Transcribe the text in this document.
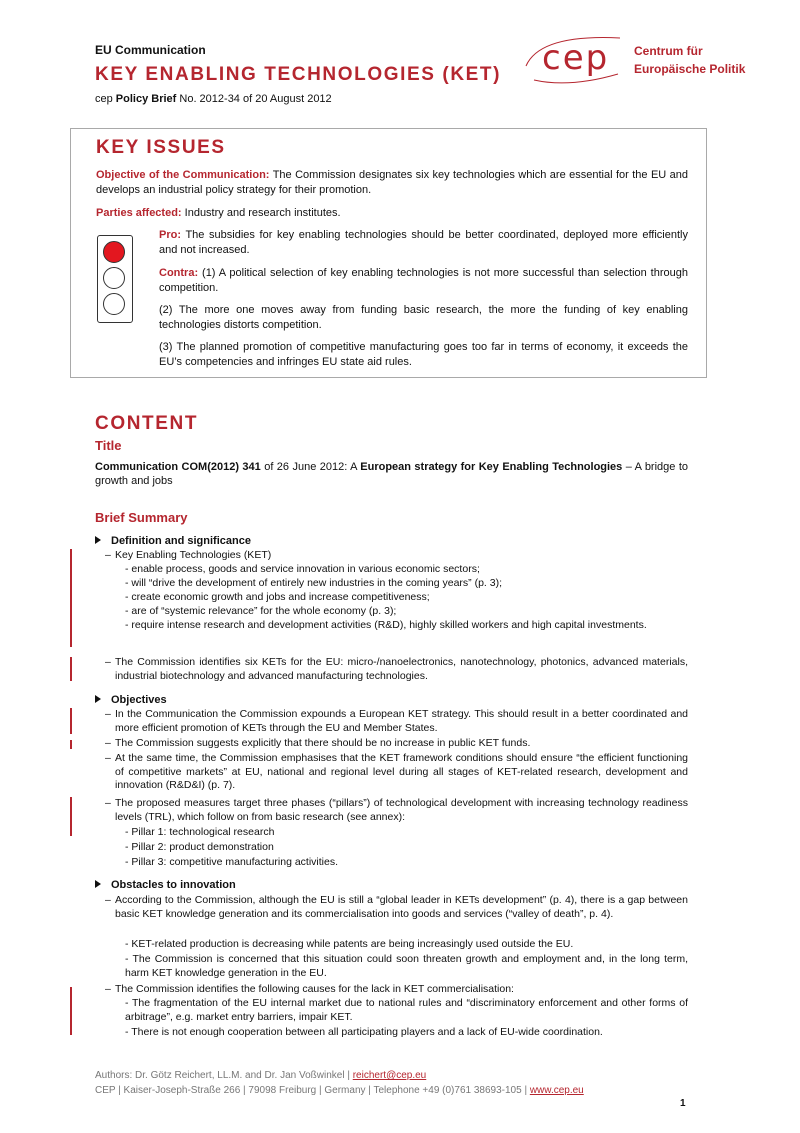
EU Communication
KEY ENABLING TECHNOLOGIES (KET)
cep Policy Brief No. 2012-34 of 20 August 2012
cep Centrum für
Europäische Politik
KEY ISSUES

Objective of the Communication: The Commission designates six key technologies which are essential for the EU and develops an industrial policy strategy for their promotion.

Parties affected: Industry and research institutes.

Pro: The subsidies for key enabling technologies should be better coordinated, deployed more efficiently and not increased.

Contra: (1) A political selection of key enabling technologies is not more successful than selection through competition.

(2) The more one moves away from funding basic research, the more the funding of key enabling technologies distorts competition.

(3) The planned promotion of competitive manufacturing goes too far in terms of economy, it exceeds the EU’s competencies and infringes EU state aid rules.

CONTENT
Title
Communication COM(2012) 341 of 26 June 2012: A European strategy for Key Enabling Technologies – A bridge to growth and jobs
Brief Summary
Definition and significance
– Key Enabling Technologies (KET)
- enable process, goods and service innovation in various economic sectors;
- will “drive the development of entirely new industries in the coming years” (p. 3);
- create economic growth and jobs and increase competitiveness;
- are of “systemic relevance” for the whole economy (p. 3);
- require intense research and development activities (R&D), highly skilled workers and high capital investments.
– The Commission identifies six KETs for the EU: micro-/nanoelectronics, nanotechnology, photonics, advanced materials, industrial biotechnology and advanced manufacturing technologies.
Objectives
– In the Communication the Commission expounds a European KET strategy. This should result in a better coordinated and more efficient promotion of KETs through the EU and Member States.
– The Commission suggests explicitly that there should be no increase in public KET funds.
– At the same time, the Commission emphasises that the KET framework conditions should ensure “the efficient functioning of competitive markets” at EU, national and regional level during all stages of KET-related research, development and innovation (R&D&I) (p. 7).
– The proposed measures target three phases (“pillars”) of technological development with increasing technology readiness levels (TRL), which follow on from basic research (see annex):
- Pillar 1: technological research
- Pillar 2: product demonstration
- Pillar 3: competitive manufacturing activities.
Obstacles to innovation
– According to the Commission, although the EU is still a “global leader in KETs development” (p. 4), there is a gap between basic KET knowledge generation and its commercialisation into goods and services (“valley of death”, p. 4).
- KET-related production is decreasing while patents are being increasingly used outside the EU.
- The Commission is concerned that this situation could soon threaten growth and employment and, in the long term, harm KET knowledge generation in the EU.
– The Commission identifies the following causes for the lack in KET commercialisation:
- The fragmentation of the EU internal market due to national rules and “discriminatory enforcement and other forms of arbitrage”, e.g. market entry barriers, impair KET.
- There is not enough cooperation between all participating players and a lack of EU-wide coordination.
Authors: Dr. Götz Reichert, LL.M. and Dr. Jan Voßwinkel | reichert@cep.eu
CEP | Kaiser-Joseph-Straße 266 | 79098 Freiburg | Germany | Telephone +49 (0)761 38693-105 | www.cep.eu
1
